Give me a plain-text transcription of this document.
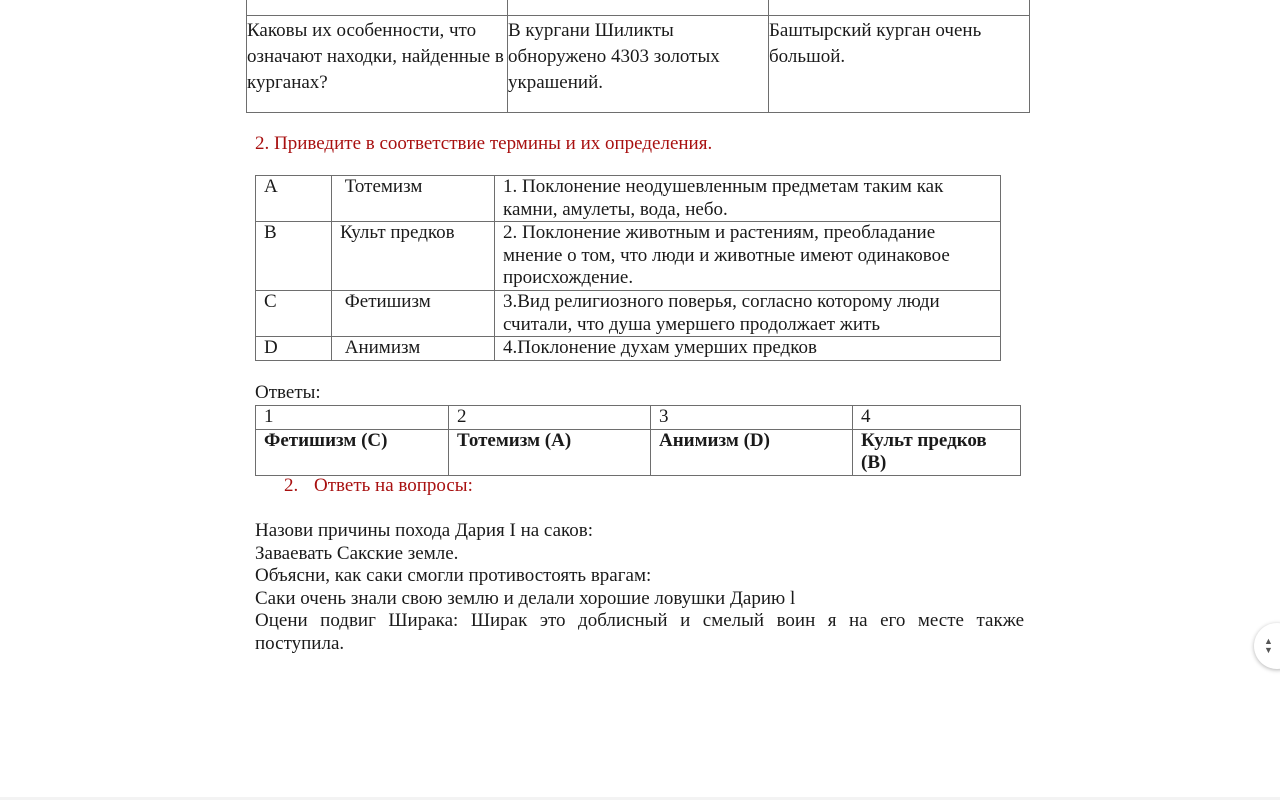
Каковы их особенности, что означают находки, найденные в курганах?	В кургани Шиликты обноружено 4303 золотых украшений.	Баштырский курган очень большой.
2. Приведите в соответствие термины и их определения.
A	Тотемизм	1. Поклонение неодушевленным предметам таким как камни, амулеты, вода, небо.
B	Культ предков	2. Поклонение животным и растениям, преобладание мнение о том, что люди и животные имеют одинаковое происхождение.
C	Фетишизм	3.Вид религиозного поверья, согласно которому люди считали, что душа умершего продолжает жить
D	Анимизм	4.Поклонение духам умерших предков
Ответы:
1	2	3	4
Фетишизм (C)	Тотемизм (A)	Анимизм (D)	Культ предков (B)
2. Ответь на вопросы:

Назови причины похода Дария I на саков:

Заваевать Сакские земле.

Объясни, как саки смогли противостоять врагам:

Саки очень знали свою землю и делали хорошие ловушки Дарию l

Оцени подвиг Ширака: Ширак это доблисный и смелый воин я на его месте также поступила.	▲
▼
